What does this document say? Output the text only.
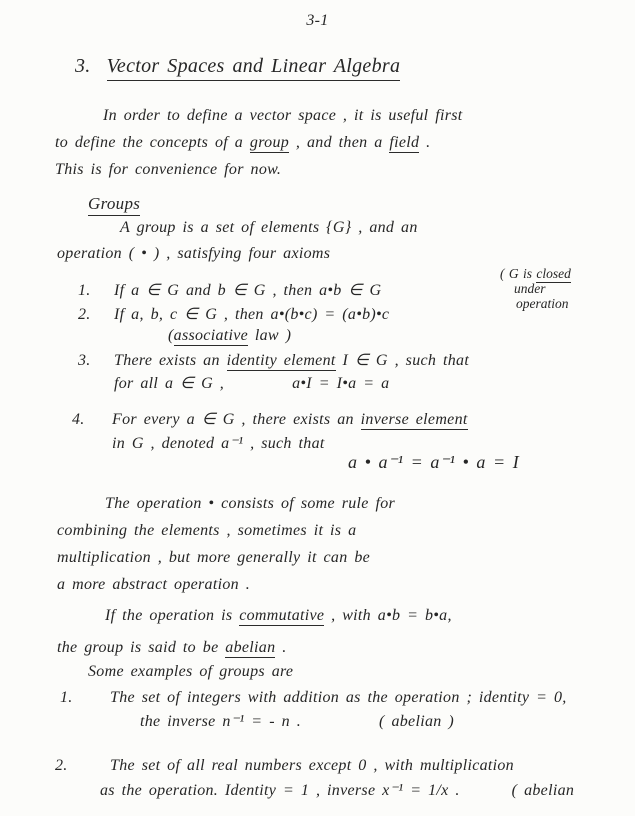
3-1
3. Vector Spaces and Linear Algebra
In order to define a vector space , it is useful first
to define the concepts of a group , and then a field .
This is for convenience for now.
Groups
A group is a set of elements {G} , and an
operation ( • ) , satisfying four axioms
1. If a ∈ G and b ∈ G , then a•b ∈ G
( G is closed
under
operation
2. If a, b, c ∈ G , then a•(b•c) = (a•b)•c
(associative law )
3. There exists an identity element I ∈ G , such that
for all a ∈ G ,	a•I = I•a = a
4. For every a ∈ G , there exists an inverse element
in G , denoted a⁻¹ , such that
a • a⁻¹ = a⁻¹ • a = I
The operation • consists of some rule for
combining the elements , sometimes it is a
multiplication , but more generally it can be
a more abstract operation .
If the operation is commutative , with a•b = b•a,
the group is said to be abelian .
Some examples of groups are
1. The set of integers with addition as the operation ; identity = 0,
the inverse n⁻¹ = - n .	( abelian )
2.	The set of all real numbers except 0 , with multiplication
as the operation. Identity = 1 , inverse x⁻¹ = 1/x .	( abelian
